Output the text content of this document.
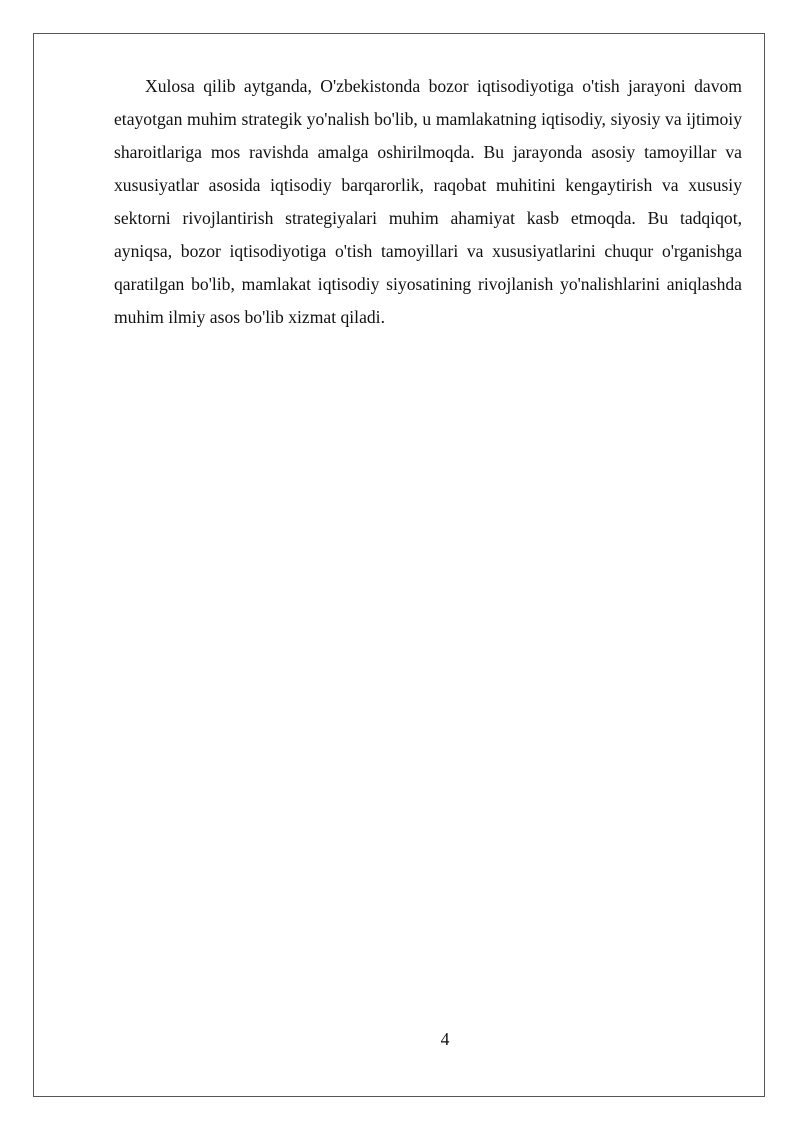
Xulosa qilib aytganda, O'zbekistonda bozor iqtisodiyotiga o'tish jarayoni davom etayotgan muhim strategik yo'nalish bo'lib, u mamlakatning iqtisodiy, siyosiy va ijtimoiy sharoitlariga mos ravishda amalga oshirilmoqda. Bu jarayonda asosiy tamoyillar va xususiyatlar asosida iqtisodiy barqarorlik, raqobat muhitini kengaytirish va xususiy sektorni rivojlantirish strategiyalari muhim ahamiyat kasb etmoqda. Bu tadqiqot, ayniqsa, bozor iqtisodiyotiga o'tish tamoyillari va xususiyatlarini chuqur o'rganishga qaratilgan bo'lib, mamlakat iqtisodiy siyosatining rivojlanish yo'nalishlarini aniqlashda muhim ilmiy asos bo'lib xizmat qiladi.

4
